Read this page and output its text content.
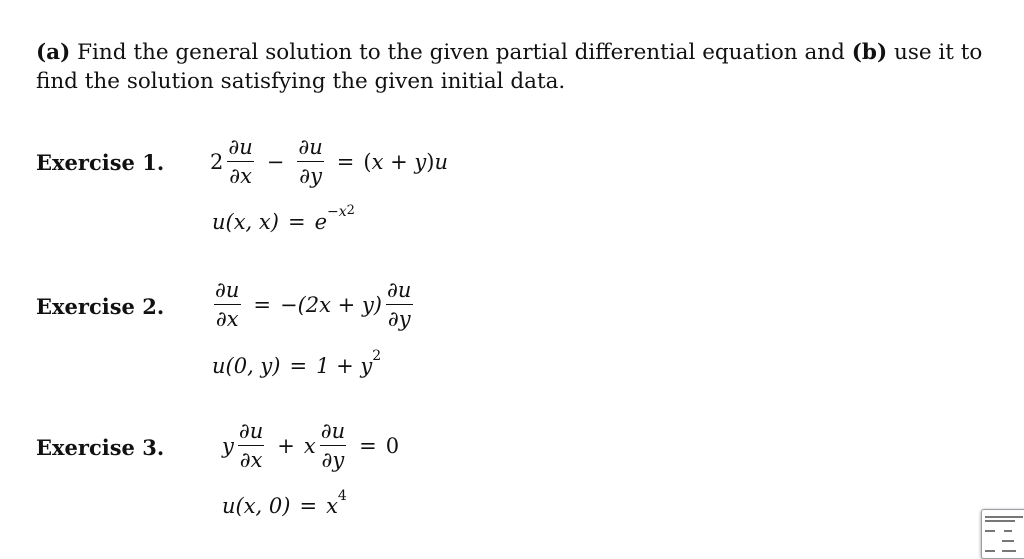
(a) Find the general solution to the given partial differential equation and (b) use it to find the solution satisfying the given initial data.
Exercise 1. $2 \frac{\partial u}{\partial x} - \frac{\partial u}{\partial y} = (x + y)u$
u(x, x) = e −x2
Exercise 2. $\frac{\partial u}{\partial x} = -(2x + y) \frac{\partial u}{\partial y}$
u(0, y) = 1 + y 2
Exercise 3.	y $\frac{\partial u}{\partial x} + x \frac{\partial u}{\partial y} = 0$
u(x, 0) = x 4
